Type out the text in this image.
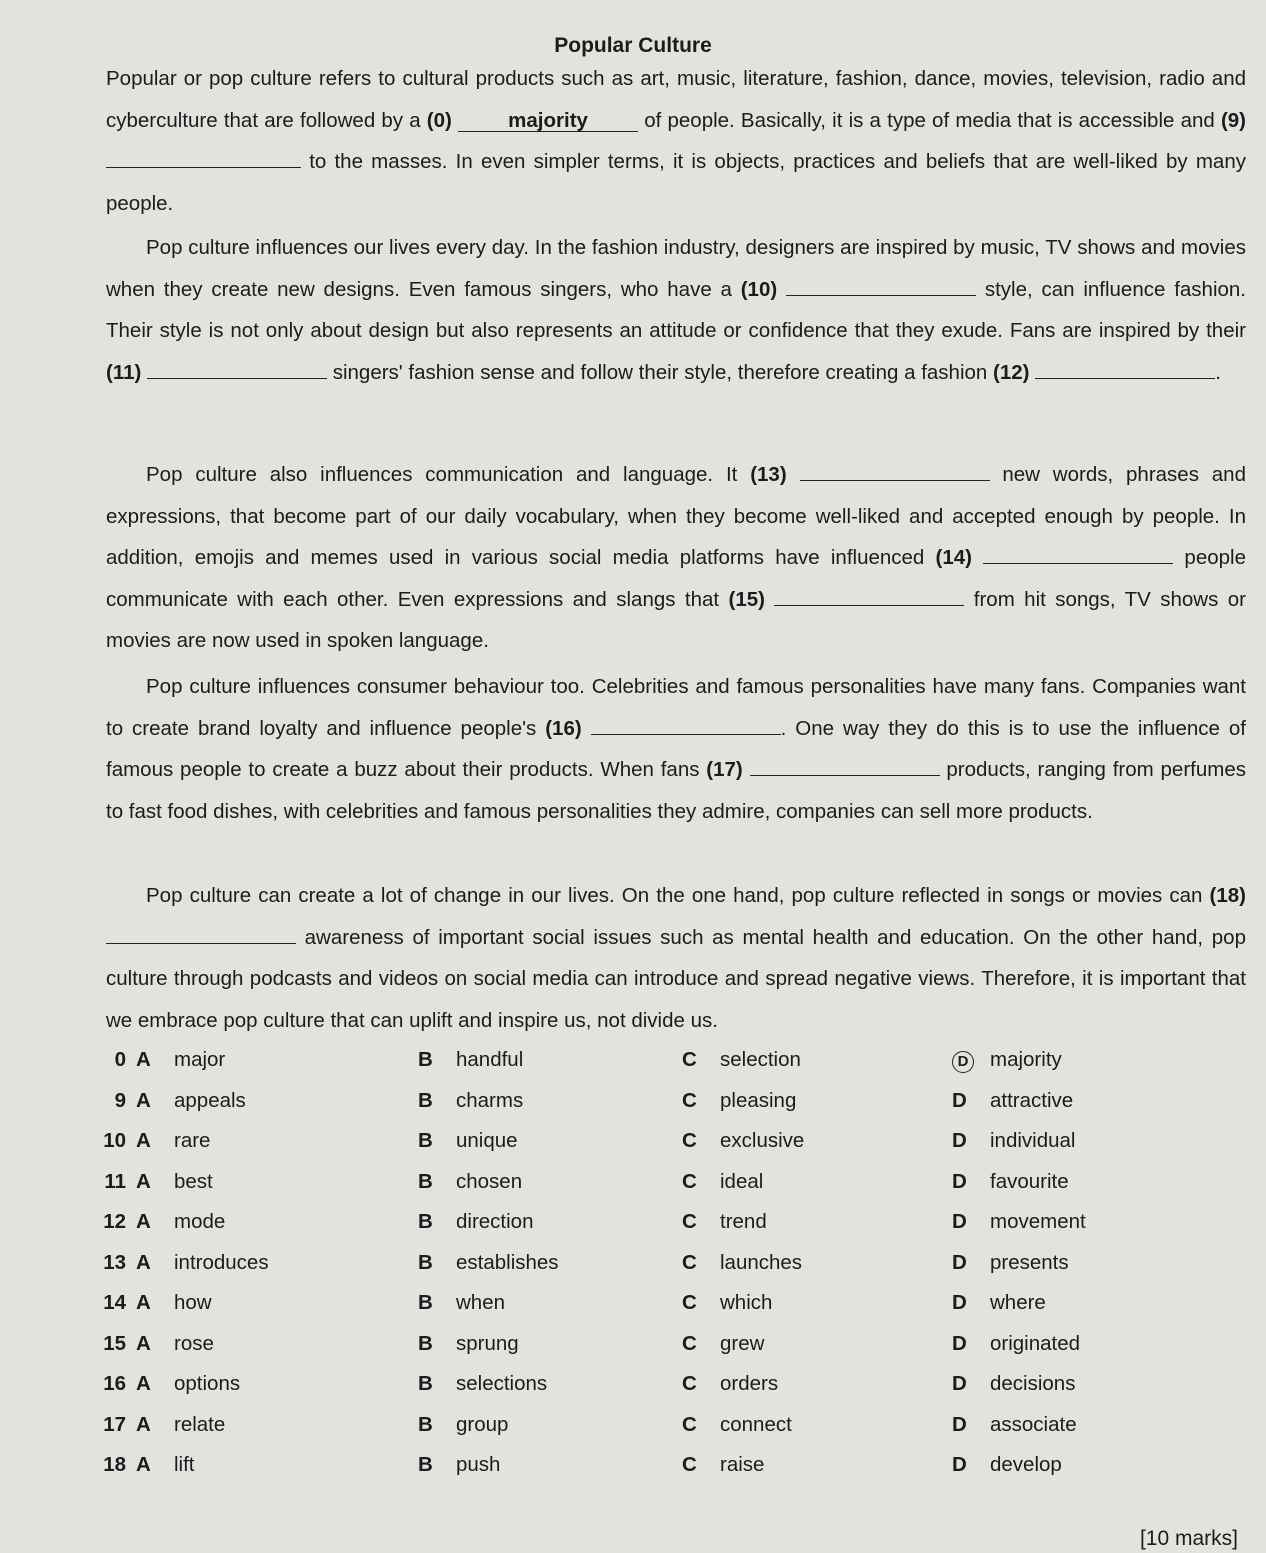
Popular Culture

Popular or pop culture refers to cultural products such as art, music, literature, fashion, dance, movies, television, radio and cyberculture that are followed by a (0)	majority of people. Basically, it is a type of media that is accessible and (9)  to the masses. In even simpler terms, it is objects, practices and beliefs that are well-liked by many people.

Pop culture influences our lives every day. In the fashion industry, designers are inspired by music, TV shows and movies when they create new designs. Even famous singers, who have a (10)	style, can influence fashion. Their style is not only about design but also represents an attitude or confidence that they exude. Fans are inspired by their (11)	singers' fashion sense and follow their style, therefore creating a fashion (12)	.

Pop culture also influences communication and language. It (13)	new words, phrases and expressions, that become part of our daily vocabulary, when they become well-liked and accepted enough by people. In addition, emojis and memes used in various social media platforms have influenced (14)	people communicate with each other. Even expressions and slangs that (15)	from hit songs, TV shows or movies are now used in spoken language.

Pop culture influences consumer behaviour too. Celebrities and famous personalities have many fans. Companies want to create brand loyalty and influence people's (16)	. One way they do this is to use the influence of famous people to create a buzz about their products. When fans (17)	products, ranging from perfumes to fast food dishes, with celebrities and famous personalities they admire, companies can sell more products.

Pop culture can create a lot of change in our lives. On the one hand, pop culture reflected in songs or movies can (18)  awareness of important social issues such as mental health and education. On the other hand, pop culture through podcasts and videos on social media can introduce and spread negative views. Therefore, it is important that we embrace pop culture that can uplift and inspire us, not divide us.

0 A major	B handful	C selection	D majority
9 A appeals	B charms	C pleasing	D attractive
10 A rare	B unique	C exclusive	D individual
11 A best	B chosen	C ideal	D favourite
12 A mode	B direction	C trend	D movement
13 A introduces	B establishes	C launches	D presents
14 A how	B when	C which	D where
15 A rose	B sprung	C grew	D originated
16 A options	B selections	C orders	D decisions
17 A relate	B group	C connect	D associate
18 A lift	B push	C raise	D develop
[10 marks]
